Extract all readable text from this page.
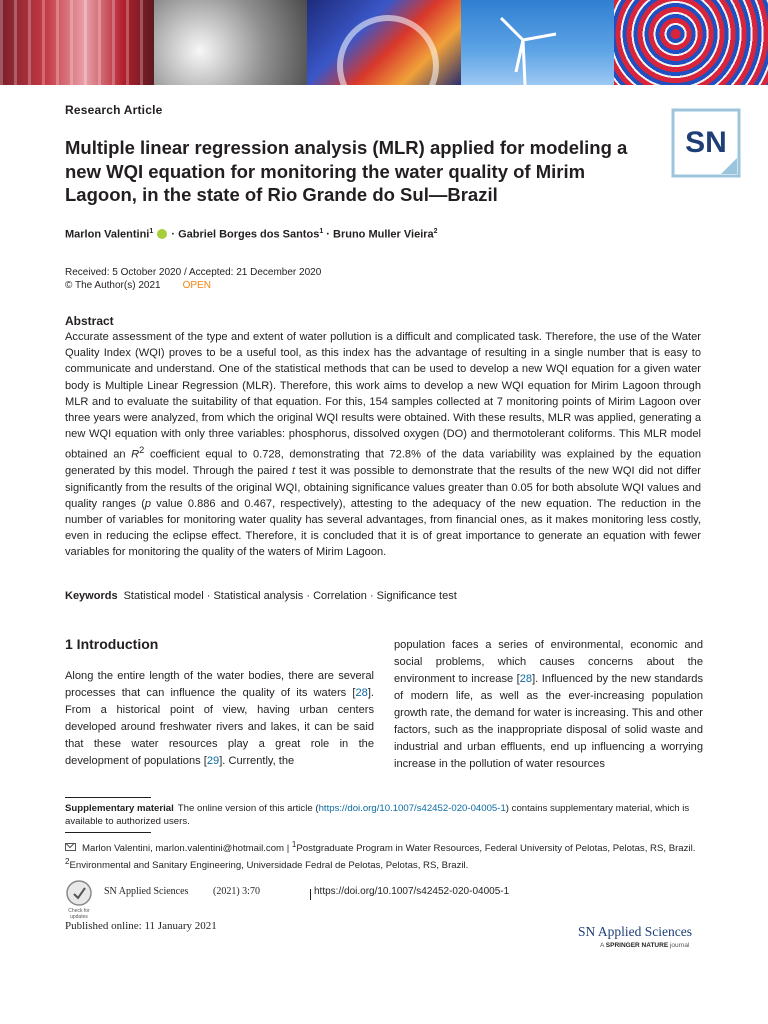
Research Article
Multiple linear regression analysis (MLR) applied for modeling a new WQI equation for monitoring the water quality of Mirim Lagoon, in the state of Rio Grande do Sul—Brazil
SN
Marlon Valentini$^1$  · Gabriel Borges dos Santos$^1$ · Bruno Muller Vieira$^2$
Received: 5 October 2020 / Accepted: 21 December 2020
© The Author(s) 2021 OPEN
Abstract

Accurate assessment of the type and extent of water pollution is a difficult and complicated task. Therefore, the use of the Water Quality Index (WQI) proves to be a useful tool, as this index has the advantage of resulting in a single number that is easy to communicate and understand. One of the statistical methods that can be used to develop a new WQI equation for a given water body is Multiple Linear Regression (MLR). Therefore, this work aims to develop a new WQI equation for Mirim Lagoon through MLR and to evaluate the suitability of that equation. For this, 154 samples collected at 7 monitoring points of Mirim Lagoon over three years were analyzed, from which the original WQI results were obtained. With these results, MLR was applied, generating a new WQI equation with only three variables: phosphorus, dissolved oxygen (DO) and thermotolerant coliforms. This MLR model obtained an $R^2$ coefficient equal to 0.728, demonstrating that 72.8% of the data variability was explained by the equation generated by this model. Through the paired t test it was possible to demonstrate that the results of the new WQI did not differ significantly from the results of the original WQI, obtaining significance values greater than 0.05 for both absolute WQI values and quality ranges (p value 0.886 and 0.467, respectively), attesting to the adequacy of the new equation. The reduction in the number of variables for monitoring water quality has several advantages, from financial ones, as it makes monitoring less costly, even in reducing the eclipse effect. Therefore, it is concluded that it is of great importance to generate an equation with fewer variables for monitoring the quality of the waters of Mirim Lagoon.

Keywords Statistical model · Statistical analysis · Correlation · Significance test
1 Introduction

Along the entire length of the water bodies, there are several processes that can influence the quality of its waters [28]. From a historical point of view, having urban centers developed around freshwater rivers and lakes, it can be said that these water resources play a great role in the development of populations [29]. Currently, the

population faces a series of environmental, economic and social problems, which causes concerns about the environment to increase [28]. Influenced by the new standards of modern life, as well as the ever-increasing population growth rate, the demand for water is increasing. This and other factors, such as the inappropriate disposal of solid waste and industrial and urban effluents, end up influencing a worrying increase in the pollution of water resources

Supplementary material The online version of this article (https://doi.org/10.1007/s42452-020-04005-1) contains supplementary material, which is available to authorized users.
Marlon Valentini, marlon.valentini@hotmail.com | $^1$Postgraduate Program in Water Resources, Federal University of Pelotas, Pelotas, RS, Brazil. $^2$Environmental and Sanitary Engineering, Universidade Fedral de Pelotas, Pelotas, RS, Brazil.
Check for updates
SN Applied Sciences (2021) 3:70	https://doi.org/10.1007/s42452-020-04005-1
Published online: 11 January 2021	SN Applied Sciences
A SPRINGER NATURE journal
